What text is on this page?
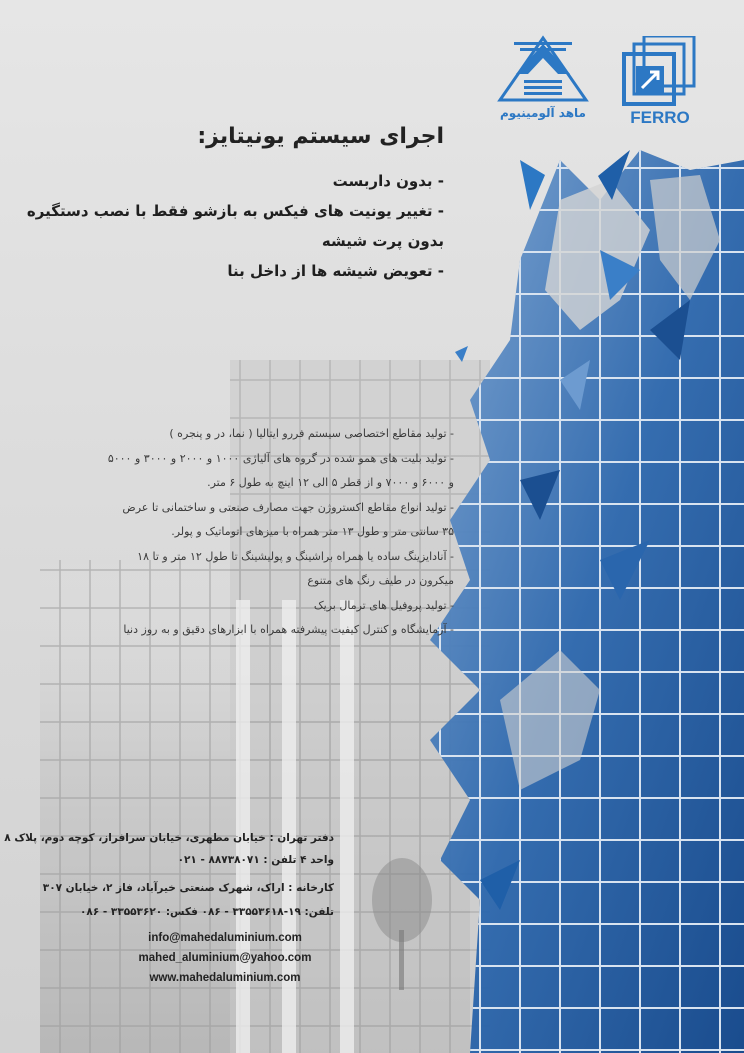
ماهد آلومینیوم	FERRO
اجرای سیستم یونیتایز:
- بدون داربست
- تغییر یونیت های فیکس به بازشو فقط با نصب دستگیره
بدون پرت شیشه
- تعویض شیشه ها از داخل بنا
- تولید مقاطع اختصاصی سیستم فررو ایتالیا ( نما، در و پنجره )
- تولید بلیت های همو شده در گروه های آلیاژی ۱۰۰۰ و ۲۰۰۰ و ۳۰۰۰ و ۵۰۰۰
و ۶۰۰۰ و ۷۰۰۰ و از قطر ۵ الی ۱۲ اینچ به طول ۶ متر.
- تولید انواع مقاطع اکستروژن جهت مصارف صنعتی و ساختمانی تا عرض
۳۵ سانتی متر و طول ۱۳ متر همراه با میزهای اتوماتیک و پولر.
- آنادایزینگ ساده یا همراه براشینگ و پولیشینگ تا طول ۱۲ متر و تا ۱۸
میکرون در طیف رنگ های متنوع
- تولید پروفیل های ترمال بریک
- آزمایشگاه و کنترل کیفیت پیشرفته همراه با ابزارهای دقیق و به روز دنیا
دفتر تهران : خیابان مطهری، خیابان سرافراز، کوچه دوم، پلاک ۸
واحد ۴ تلفن : ۸۸۷۳۸۰۷۱ - ۰۲۱
کارخانه : اراک، شهرک صنعتی خیرآباد، فاز ۲، خیابان ۳۰۷
تلفن: ۱۹-۳۳۵۵۳۶۱۸ - ۰۸۶ فکس: ۳۳۵۵۳۶۲۰ - ۰۸۶
info@mahedaluminium.com
mahed_aluminium@yahoo.com
www.mahedaluminium.com
